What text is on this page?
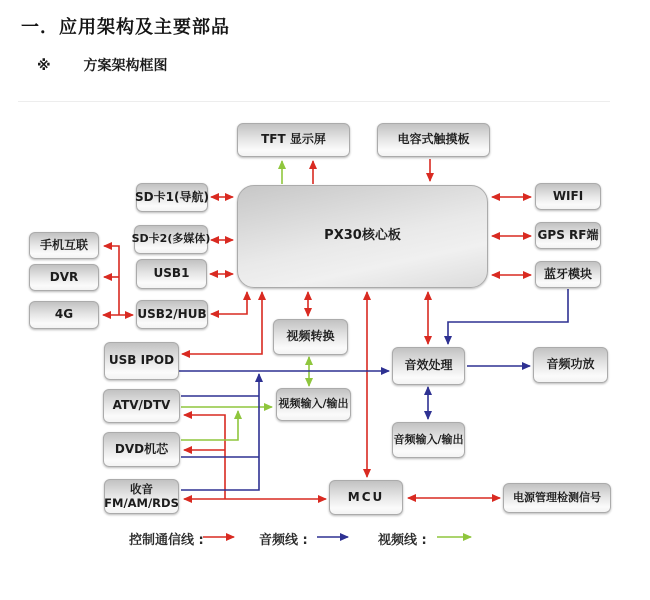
一．应用架构及主要部品
※ 方案架构框图
TFT 显示屏	电容式触摸板
SD卡1(导航)
SD卡2(多媒体)
USB1
USB2/HUB
手机互联
DVR
4G
PX30核心板
WIFI
GPS RF端
蓝牙模块
视频转换
USB IPOD
ATV/DTV
DVD机芯
视频输入/输出
音效处理	音频功放
音频输入/输出
收音
FM/AM/RDS	MCU	电源管理检测信号
控制通信线 :	音频线 :	视频线 :
